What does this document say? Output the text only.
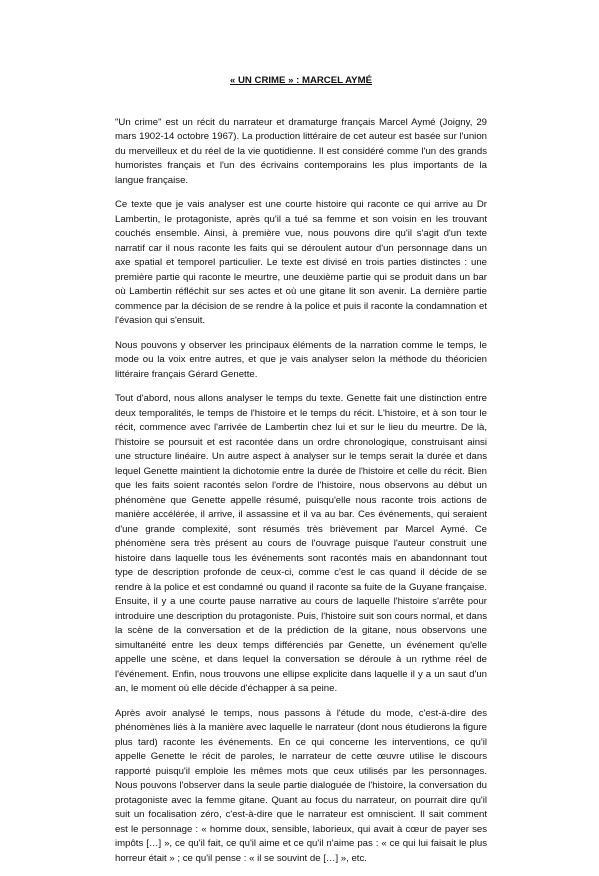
« UN CRIME » : MARCEL AYMÉ

"Un crime" est un récit du narrateur et dramaturge français Marcel Aymé (Joigny, 29 mars 1902-14 octobre 1967). La production littéraire de cet auteur est basée sur l'union du merveilleux et du réel de la vie quotidienne. Il est considéré comme l'un des grands humoristes français et l'un des écrivains contemporains les plus importants de la langue française.

Ce texte que je vais analyser est une courte histoire qui raconte ce qui arrive au Dr Lambertin, le protagoniste, après qu'il a tué sa femme et son voisin en les trouvant couchés ensemble. Ainsi, à première vue, nous pouvons dire qu'il s'agit d'un texte narratif car il nous raconte les faits qui se déroulent autour d'un personnage dans un axe spatial et temporel particulier. Le texte est divisé en trois parties distinctes : une première partie qui raconte le meurtre, une deuxième partie qui se produit dans un bar où Lambertin réfléchit sur ses actes et où une gitane lit son avenir. La dernière partie commence par la décision de se rendre à la police et puis il raconte la condamnation et l'évasion qui s'ensuit.

Nous pouvons y observer les principaux éléments de la narration comme le temps, le mode ou la voix entre autres, et que je vais analyser selon la méthode du théoricien littéraire français Gérard Genette.

Tout d'abord, nous allons analyser le temps du texte. Genette fait une distinction entre deux temporalités, le temps de l'histoire et le temps du récit. L'histoire, et à son tour le récit, commence avec l'arrivée de Lambertin chez lui et sur le lieu du meurtre. De là, l'histoire se poursuit et est racontée dans un ordre chronologique, construisant ainsi une structure linéaire. Un autre aspect à analyser sur le temps serait la durée et dans lequel Genette maintient la dichotomie entre la durée de l'histoire et celle du récit. Bien que les faits soient racontés selon l'ordre de l'histoire, nous observons au début un phénomène que Genette appelle résumé, puisqu'elle nous raconte trois actions de manière accélérée, il arrive, il assassine et il va au bar. Ces événements, qui seraient d'une grande complexité, sont résumés très brièvement par Marcel Aymé. Ce phénomène sera très présent au cours de l'ouvrage puisque l'auteur construit une histoire dans laquelle tous les événements sont racontés mais en abandonnant tout type de description profonde de ceux-ci, comme c'est le cas quand il décide de se rendre à la police et est condamné ou quand il raconte sa fuite de la Guyane française. Ensuite, il y a une courte pause narrative au cours de laquelle l'histoire s'arrête pour introduire une description du protagoniste. Puis, l'histoire suit son cours normal, et dans la scène de la conversation et de la prédiction de la gitane, nous observons une simultanéité entre les deux temps différenciés par Genette, un événement qu'elle appelle une scène, et dans lequel la conversation se déroule à un rythme réel de l'événement. Enfin, nous trouvons une ellipse explicite dans laquelle il y a un saut d'un an, le moment où elle décide d'échapper à sa peine.

Après avoir analysé le temps, nous passons à l'étude du mode, c'est-à-dire des phénomènes liés à la manière avec laquelle le narrateur (dont nous étudierons la figure plus tard) raconte les événements. En ce qui concerne les interventions, ce qu'il appelle Genette le récit de paroles, le narrateur de cette œuvre utilise le discours rapporté puisqu'il emploie les mêmes mots que ceux utilisés par les personnages. Nous pouvons l'observer dans la seule partie dialoguée de l'histoire, la conversation du protagoniste avec la femme gitane. Quant au focus du narrateur, on pourrait dire qu'il suit un focalisation zéro, c'est-à-dire que le narrateur est omniscient. Il sait comment est le personnage : « homme doux, sensible, laborieux, qui avait à cœur de payer ses impôts […] », ce qu'il fait, ce qu'il aime et ce qu'il n'aime pas : « ce qui lui faisait le plus horreur était » ; ce qu'il pense : « il se souvint de […] », etc.
